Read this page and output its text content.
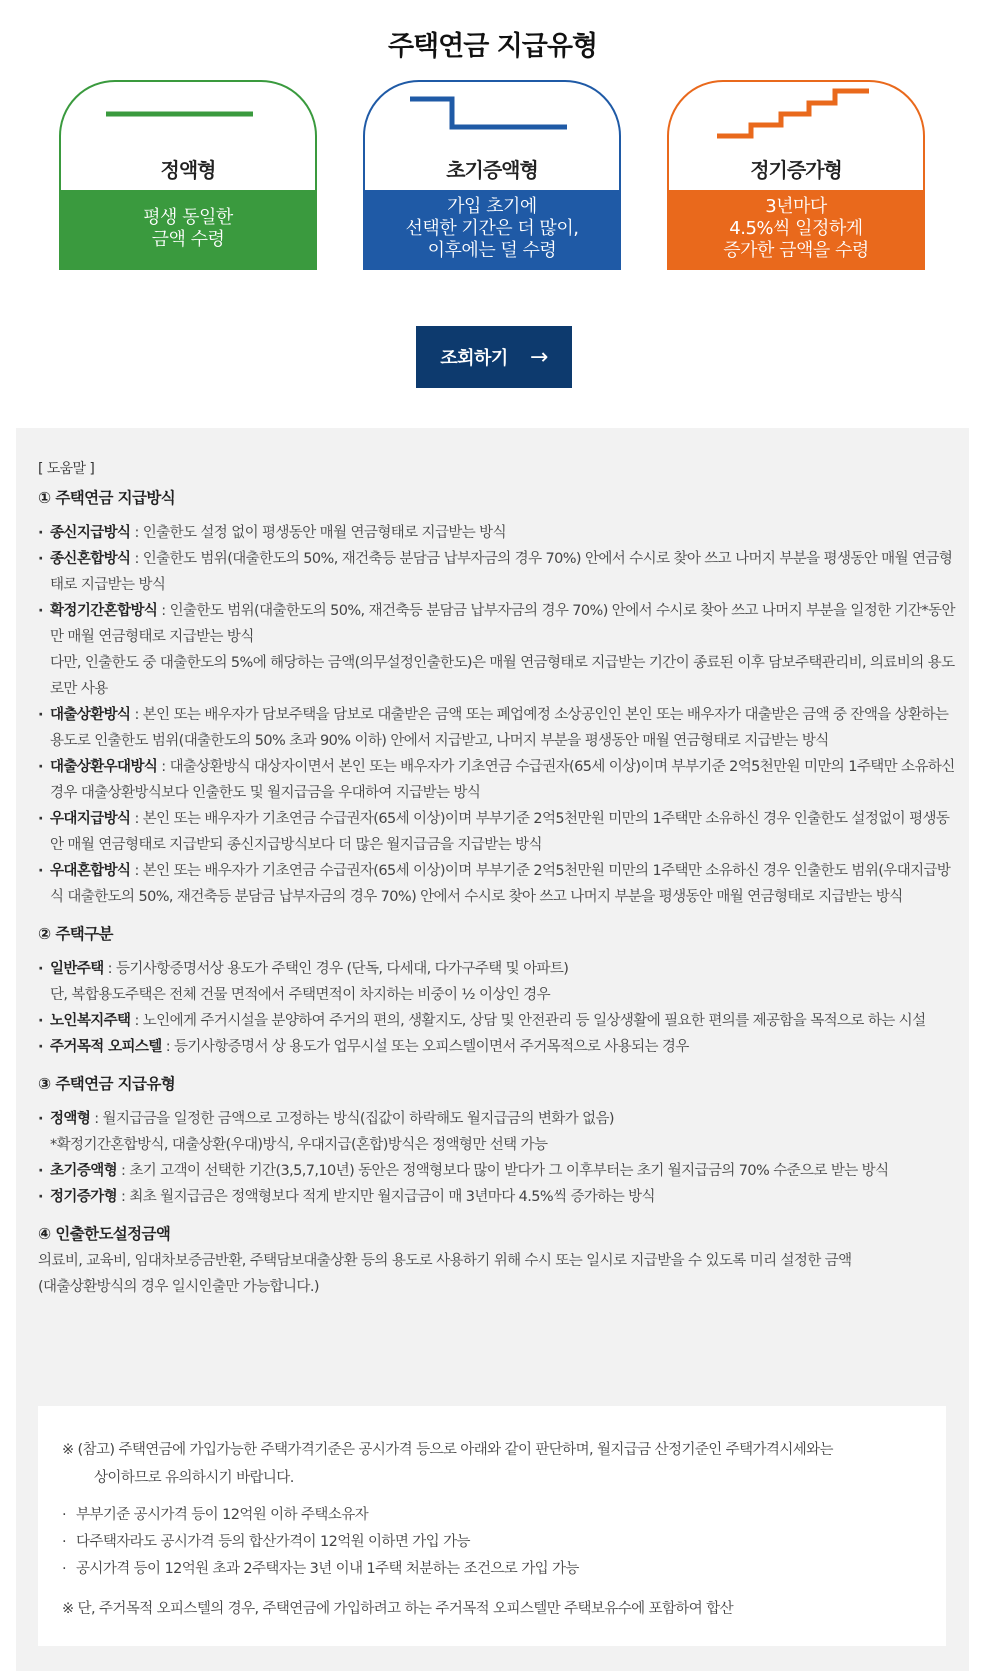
주택연금 지급유형
정액형
평생 동일한
금액 수령
초기증액형
가입 초기에
선택한 기간은 더 많이,
이후에는 덜 수령
정기증가형
3년마다
4.5%씩 일정하게
증가한 금액을 수령
조회하기 →
[ 도움말 ]
① 주택연금 지급방식
· 종신지급방식 : 인출한도 설정 없이 평생동안 매월 연금형태로 지급받는 방식
· 종신혼합방식 : 인출한도 범위(대출한도의 50%, 재건축등 분담금 납부자금의 경우 70%) 안에서 수시로 찾아 쓰고 나머지 부분을 평생동안 매월 연금형태로 지급받는 방식
· 확정기간혼합방식 : 인출한도 범위(대출한도의 50%, 재건축등 분담금 납부자금의 경우 70%) 안에서 수시로 찾아 쓰고 나머지 부분을 일정한 기간*동안만 매월 연금형태로 지급받는 방식
다만, 인출한도 중 대출한도의 5%에 해당하는 금액(의무설정인출한도)은 매월 연금형태로 지급받는 기간이 종료된 이후 담보주택관리비, 의료비의 용도로만 사용
· 대출상환방식 : 본인 또는 배우자가 담보주택을 담보로 대출받은 금액 또는 폐업예정 소상공인인 본인 또는 배우자가 대출받은 금액 중 잔액을 상환하는 용도로 인출한도 범위(대출한도의 50% 초과 90% 이하) 안에서 지급받고, 나머지 부분을 평생동안 매월 연금형태로 지급받는 방식
· 대출상환우대방식 : 대출상환방식 대상자이면서 본인 또는 배우자가 기초연금 수급권자(65세 이상)이며 부부기준 2억5천만원 미만의 1주택만 소유하신 경우 대출상환방식보다 인출한도 및 월지급금을 우대하여 지급받는 방식
· 우대지급방식 : 본인 또는 배우자가 기초연금 수급권자(65세 이상)이며 부부기준 2억5천만원 미만의 1주택만 소유하신 경우 인출한도 설정없이 평생동안 매월 연금형태로 지급받되 종신지급방식보다 더 많은 월지급금을 지급받는 방식
· 우대혼합방식 : 본인 또는 배우자가 기초연금 수급권자(65세 이상)이며 부부기준 2억5천만원 미만의 1주택만 소유하신 경우 인출한도 범위(우대지급방식 대출한도의 50%, 재건축등 분담금 납부자금의 경우 70%) 안에서 수시로 찾아 쓰고 나머지 부분을 평생동안 매월 연금형태로 지급받는 방식
② 주택구분
· 일반주택 : 등기사항증명서상 용도가 주택인 경우 (단독, 다세대, 다가구주택 및 아파트)
단, 복합용도주택은 전체 건물 면적에서 주택면적이 차지하는 비중이 ½ 이상인 경우
· 노인복지주택 : 노인에게 주거시설을 분양하여 주거의 편의, 생활지도, 상담 및 안전관리 등 일상생활에 필요한 편의를 제공함을 목적으로 하는 시설
· 주거목적 오피스텔 : 등기사항증명서 상 용도가 업무시설 또는 오피스텔이면서 주거목적으로 사용되는 경우
③ 주택연금 지급유형
· 정액형 : 월지급금을 일정한 금액으로 고정하는 방식(집값이 하락해도 월지급금의 변화가 없음)
*확정기간혼합방식, 대출상환(우대)방식, 우대지급(혼합)방식은 정액형만 선택 가능
· 초기증액형 : 초기 고객이 선택한 기간(3,5,7,10년) 동안은 정액형보다 많이 받다가 그 이후부터는 초기 월지급금의 70% 수준으로 받는 방식
· 정기증가형 : 최초 월지급금은 정액형보다 적게 받지만 월지급금이 매 3년마다 4.5%씩 증가하는 방식
④ 인출한도설정금액

의료비, 교육비, 임대차보증금반환, 주택담보대출상환 등의 용도로 사용하기 위해 수시 또는 일시로 지급받을 수 있도록 미리 설정한 금액

(대출상환방식의 경우 일시인출만 가능합니다.)

※ (참고) 주택연금에 가입가능한 주택가격기준은 공시가격 등으로 아래와 같이 판단하며, 월지급금 산정기준인 주택가격시세와는
상이하므로 유의하시기 바랍니다.
· 부부기준 공시가격 등이 12억원 이하 주택소유자
· 다주택자라도 공시가격 등의 합산가격이 12억원 이하면 가입 가능
· 공시가격 등이 12억원 초과 2주택자는 3년 이내 1주택 처분하는 조건으로 가입 가능
※ 단, 주거목적 오피스텔의 경우, 주택연금에 가입하려고 하는 주거목적 오피스텔만 주택보유수에 포함하여 합산
